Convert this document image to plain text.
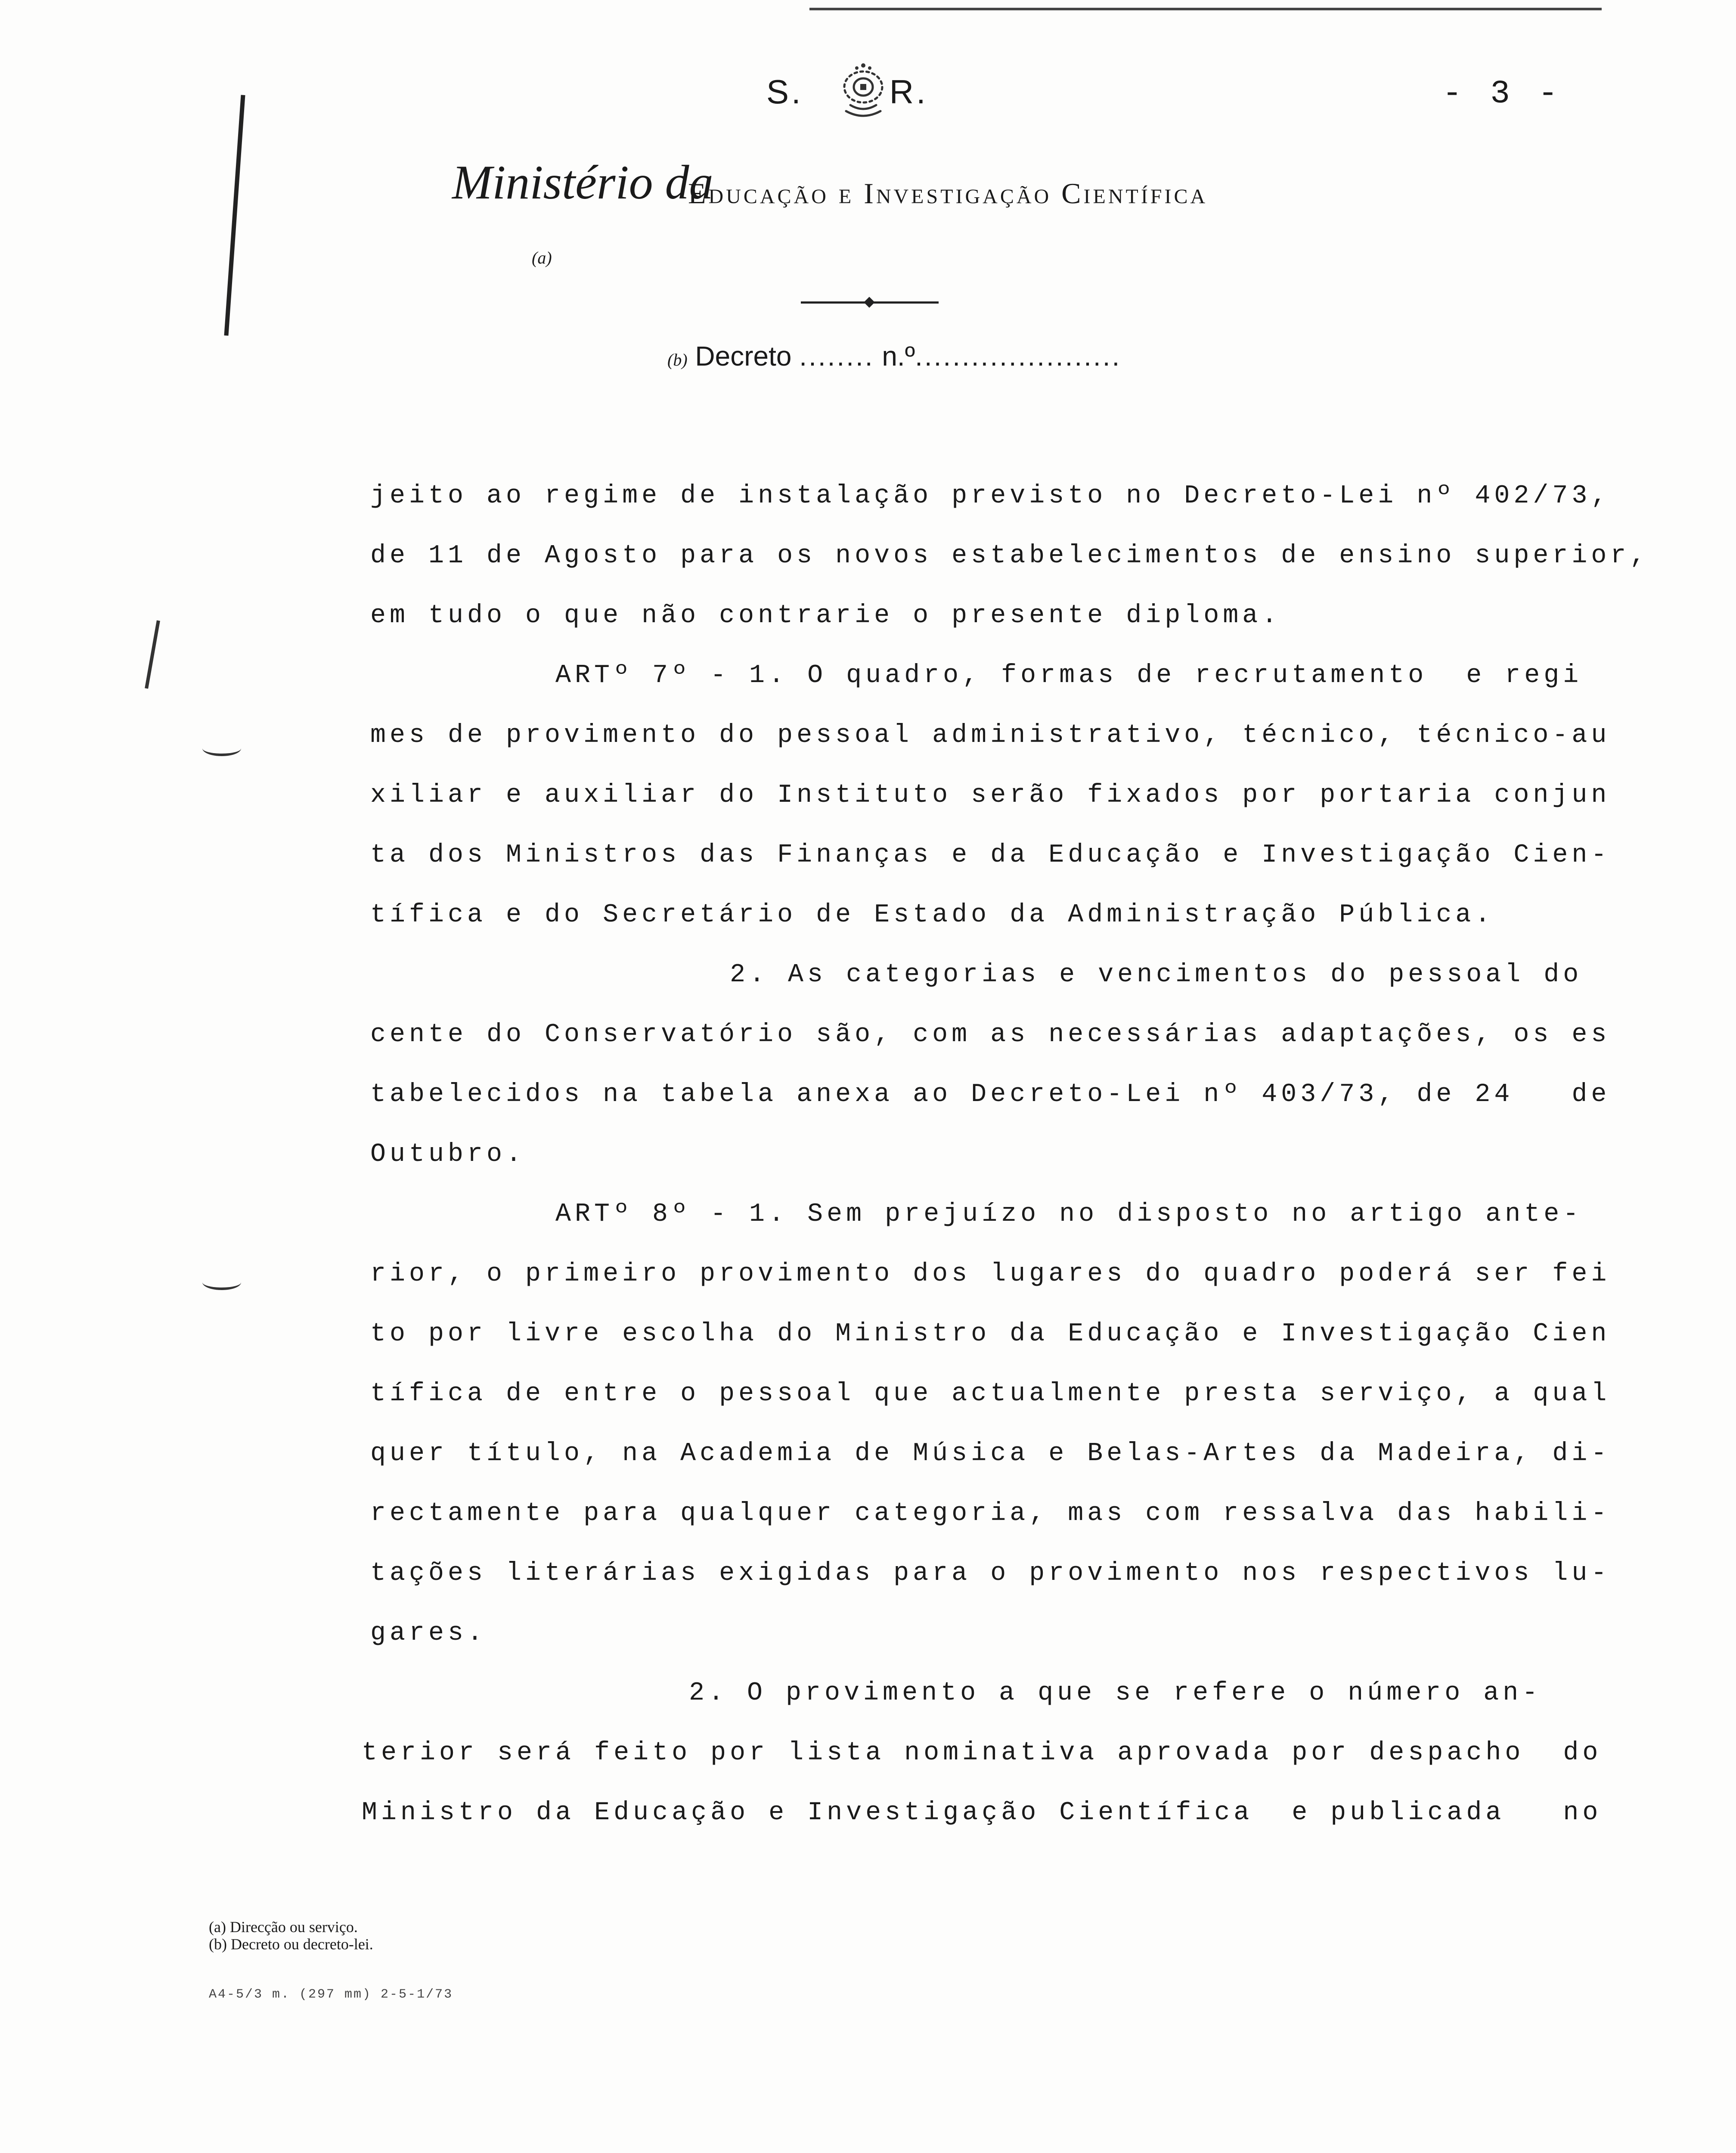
S.	R.	- 3 -
Ministério da
Educação e Investigação Científica
(a)
(b) Decreto ........ n.º......................
jeito ao regime de instalação previsto no Decreto-Lei nº 402/73,
de 11 de Agosto para os novos estabelecimentos de ensino superior,
em tudo o que não contrarie o presente diploma.
ARTº 7º - 1. O quadro, formas de recrutamento  e regi
mes de provimento do pessoal administrativo, técnico, técnico-au
xiliar e auxiliar do Instituto serão fixados por portaria conjun
ta dos Ministros das Finanças e da Educação e Investigação Cien-
tífica e do Secretário de Estado da Administração Pública.
2. As categorias e vencimentos do pessoal do
cente do Conservatório são, com as necessárias adaptações, os es
tabelecidos na tabela anexa ao Decreto-Lei nº 403/73, de 24   de
Outubro.
ARTº 8º - 1. Sem prejuízo no disposto no artigo ante-
rior, o primeiro provimento dos lugares do quadro poderá ser fei
to por livre escolha do Ministro da Educação e Investigação Cien
tífica de entre o pessoal que actualmente presta serviço, a qual
quer título, na Academia de Música e Belas-Artes da Madeira, di-
rectamente para qualquer categoria, mas com ressalva das habili-
tações literárias exigidas para o provimento nos respectivos lu-
gares.
2. O provimento a que se refere o número an-
terior será feito por lista nominativa aprovada por despacho  do
Ministro da Educação e Investigação Científica  e publicada   no
(a) Direcção ou serviço.
(b) Decreto ou decreto-lei.
A4-5/3 m. (297 mm) 2-5-1/73
